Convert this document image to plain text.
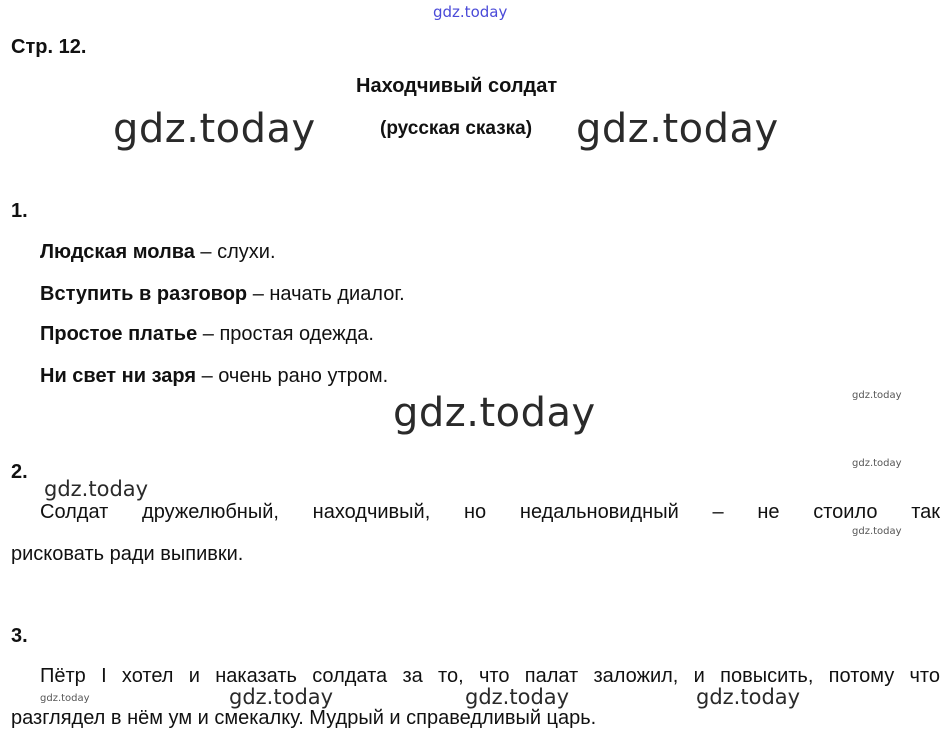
gdz.today
gdz.today	gdz.today
gdz.today	gdz.today
gdz.today
gdz.today
gdz.today
gdz.today	gdz.today	gdz.today	gdz.today
Стр. 12.
Находчивый солдат
(русская сказка)
1.
Людская молва – слухи.
Вступить в разговор – начать диалог.
Простое платье – простая одежда.
Ни свет ни заря – очень рано утром.
2.
Солдат дружелюбный, находчивый, но недальновидный – не стоило так
рисковать ради выпивки.
3.
Пётр I хотел и наказать солдата за то, что палат заложил, и повысить, потому что
разглядел в нём ум и смекалку. Мудрый и справедливый царь.
